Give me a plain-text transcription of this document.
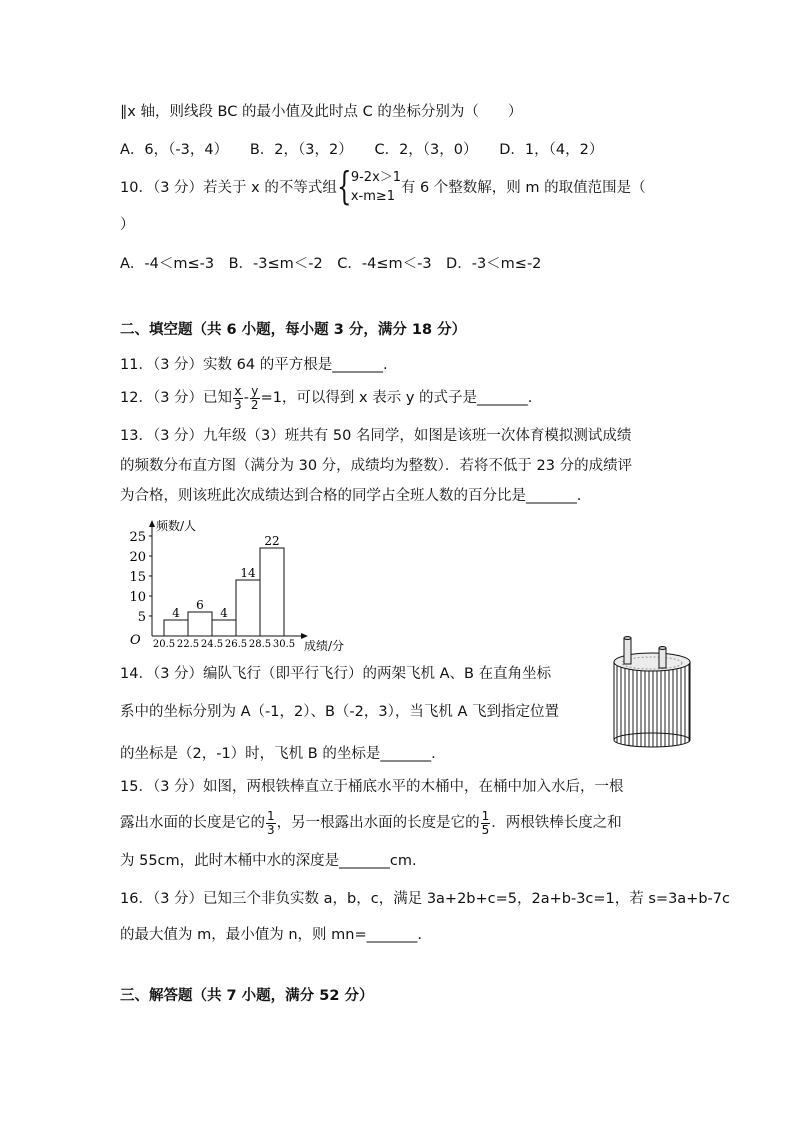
∥x 轴，则线段 BC 的最小值及此时点 C 的坐标分别为（　　）
A．6，（-3，4）　　B．2，（3，2）　　C．2，（3，0）　　D．1，（4，2）
10．（3 分）若关于 x 的不等式组 { 9-2x＞1
x-m≥1
有 6 个整数解，则 m 的取值范围是（
）
A．-4＜m≤-3　B．-3≤m＜-2　C．-4≤m＜-3　D．-3＜m≤-2
二、填空题（共 6 小题，每小题 3 分，满分 18 分）
11．（3 分）实数 64 的平方根是_______.
12．（3 分）已知 $\frac{x}{3} - \frac{y}{2} =1$，可以得到 x 表示 y 的式子是_______.
13．（3 分）九年级（3）班共有 50 名同学，如图是该班一次体育模拟测试成绩
的频数分布直方图（满分为 30 分，成绩均为整数）．若将不低于 23 分的成绩评
为合格，则该班此次成绩达到合格的同学占全班人数的百分比是_______.
频数/人
成绩/分
O
5
10
15
20
25
4
6
4
14
22
20.5 22.5 24.5 26.5 28.5 30.5
14．（3 分）编队飞行（即平行飞行）的两架飞机 A、B 在直角坐标
系中的坐标分别为 A（-1，2）、B（-2，3），当飞机 A 飞到指定位置
的坐标是（2，-1）时，飞机 B 的坐标是_______.
15．（3 分）如图，两根铁棒直立于桶底水平的木桶中，在桶中加入水后，一根
露出水面的长度是它的 $\frac{1}{3}$ ，另一根露出水面的长度是它的 $\frac{1}{5}$ ．两根铁棒长度之和
为 55cm，此时木桶中水的深度是_______cm.
16．（3 分）已知三个非负实数 a，b，c，满足 3a+2b+c=5，2a+b-3c=1，若 s=3a+b-7c
的最大值为 m，最小值为 n，则 mn=_______.
三、解答题（共 7 小题，满分 52 分）
